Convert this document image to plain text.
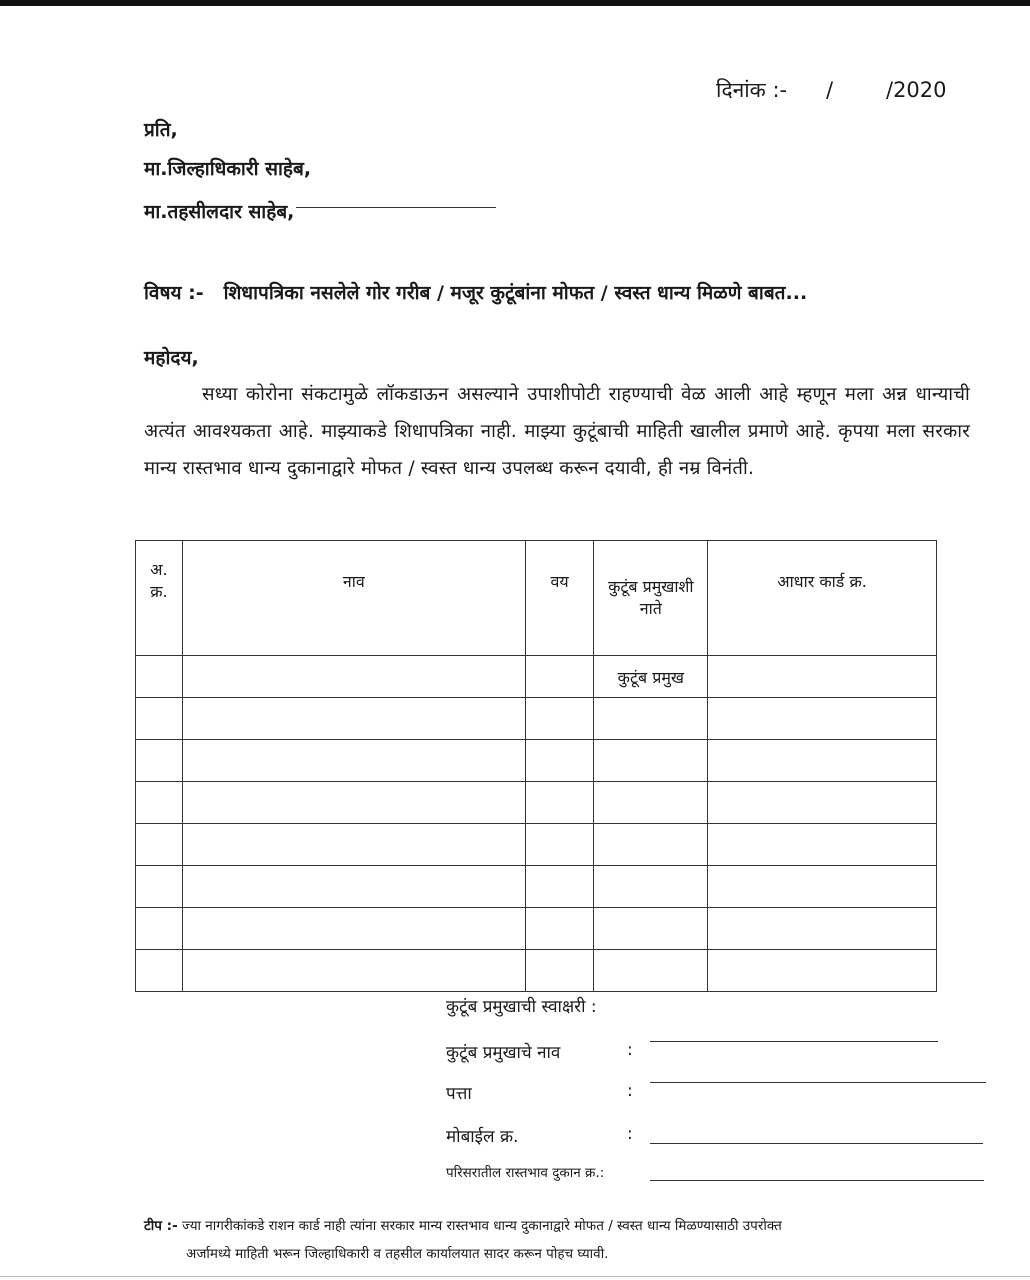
दिनांक :- /	/2020
प्रति,
मा.जिल्हाधिकारी साहेब,
मा.तहसीलदार साहेब,
विषय :- शिधापत्रिका नसलेले गोर गरीब / मजूर कुटूंबांना मोफत / स्वस्त धान्य मिळणे बाबत...
महोदय,
सध्या कोरोना संकटामुळे लॉकडाऊन असल्याने उपाशीपोटी राहण्याची वेळ आली आहे म्हणून मला अन्न धान्याची अत्यंत आवश्यकता आहे. माझ्याकडे शिधापत्रिका नाही. माझ्या कुटूंबाची माहिती खालील प्रमाणे आहे. कृपया मला सरकार मान्य रास्तभाव धान्य दुकानाद्वारे मोफत / स्वस्त धान्य उपलब्ध करून दयावी, ही नम्र विनंती.
अ. क्र.	नाव	वय	कुटूंब प्रमुखाशी नाते	आधार कार्ड क्र.
			कुटूंब प्रमुख	

कुटूंब प्रमुखाची स्वाक्षरी :
कुटूंब प्रमुखाचे नाव	:
पत्ता	:
मोबाईल क्र.	:
परिसरातील रास्तभाव दुकान क्र.:
टीप :- ज्या नागरीकांकडे राशन कार्ड नाही त्यांना सरकार मान्य रास्तभाव धान्य दुकानाद्वारे मोफत / स्वस्त धान्य मिळण्यासाठी उपरोक्त
अर्जामध्ये माहिती भरून जिल्हाधिकारी व तहसील कार्यालयात सादर करून पोहच घ्यावी.
